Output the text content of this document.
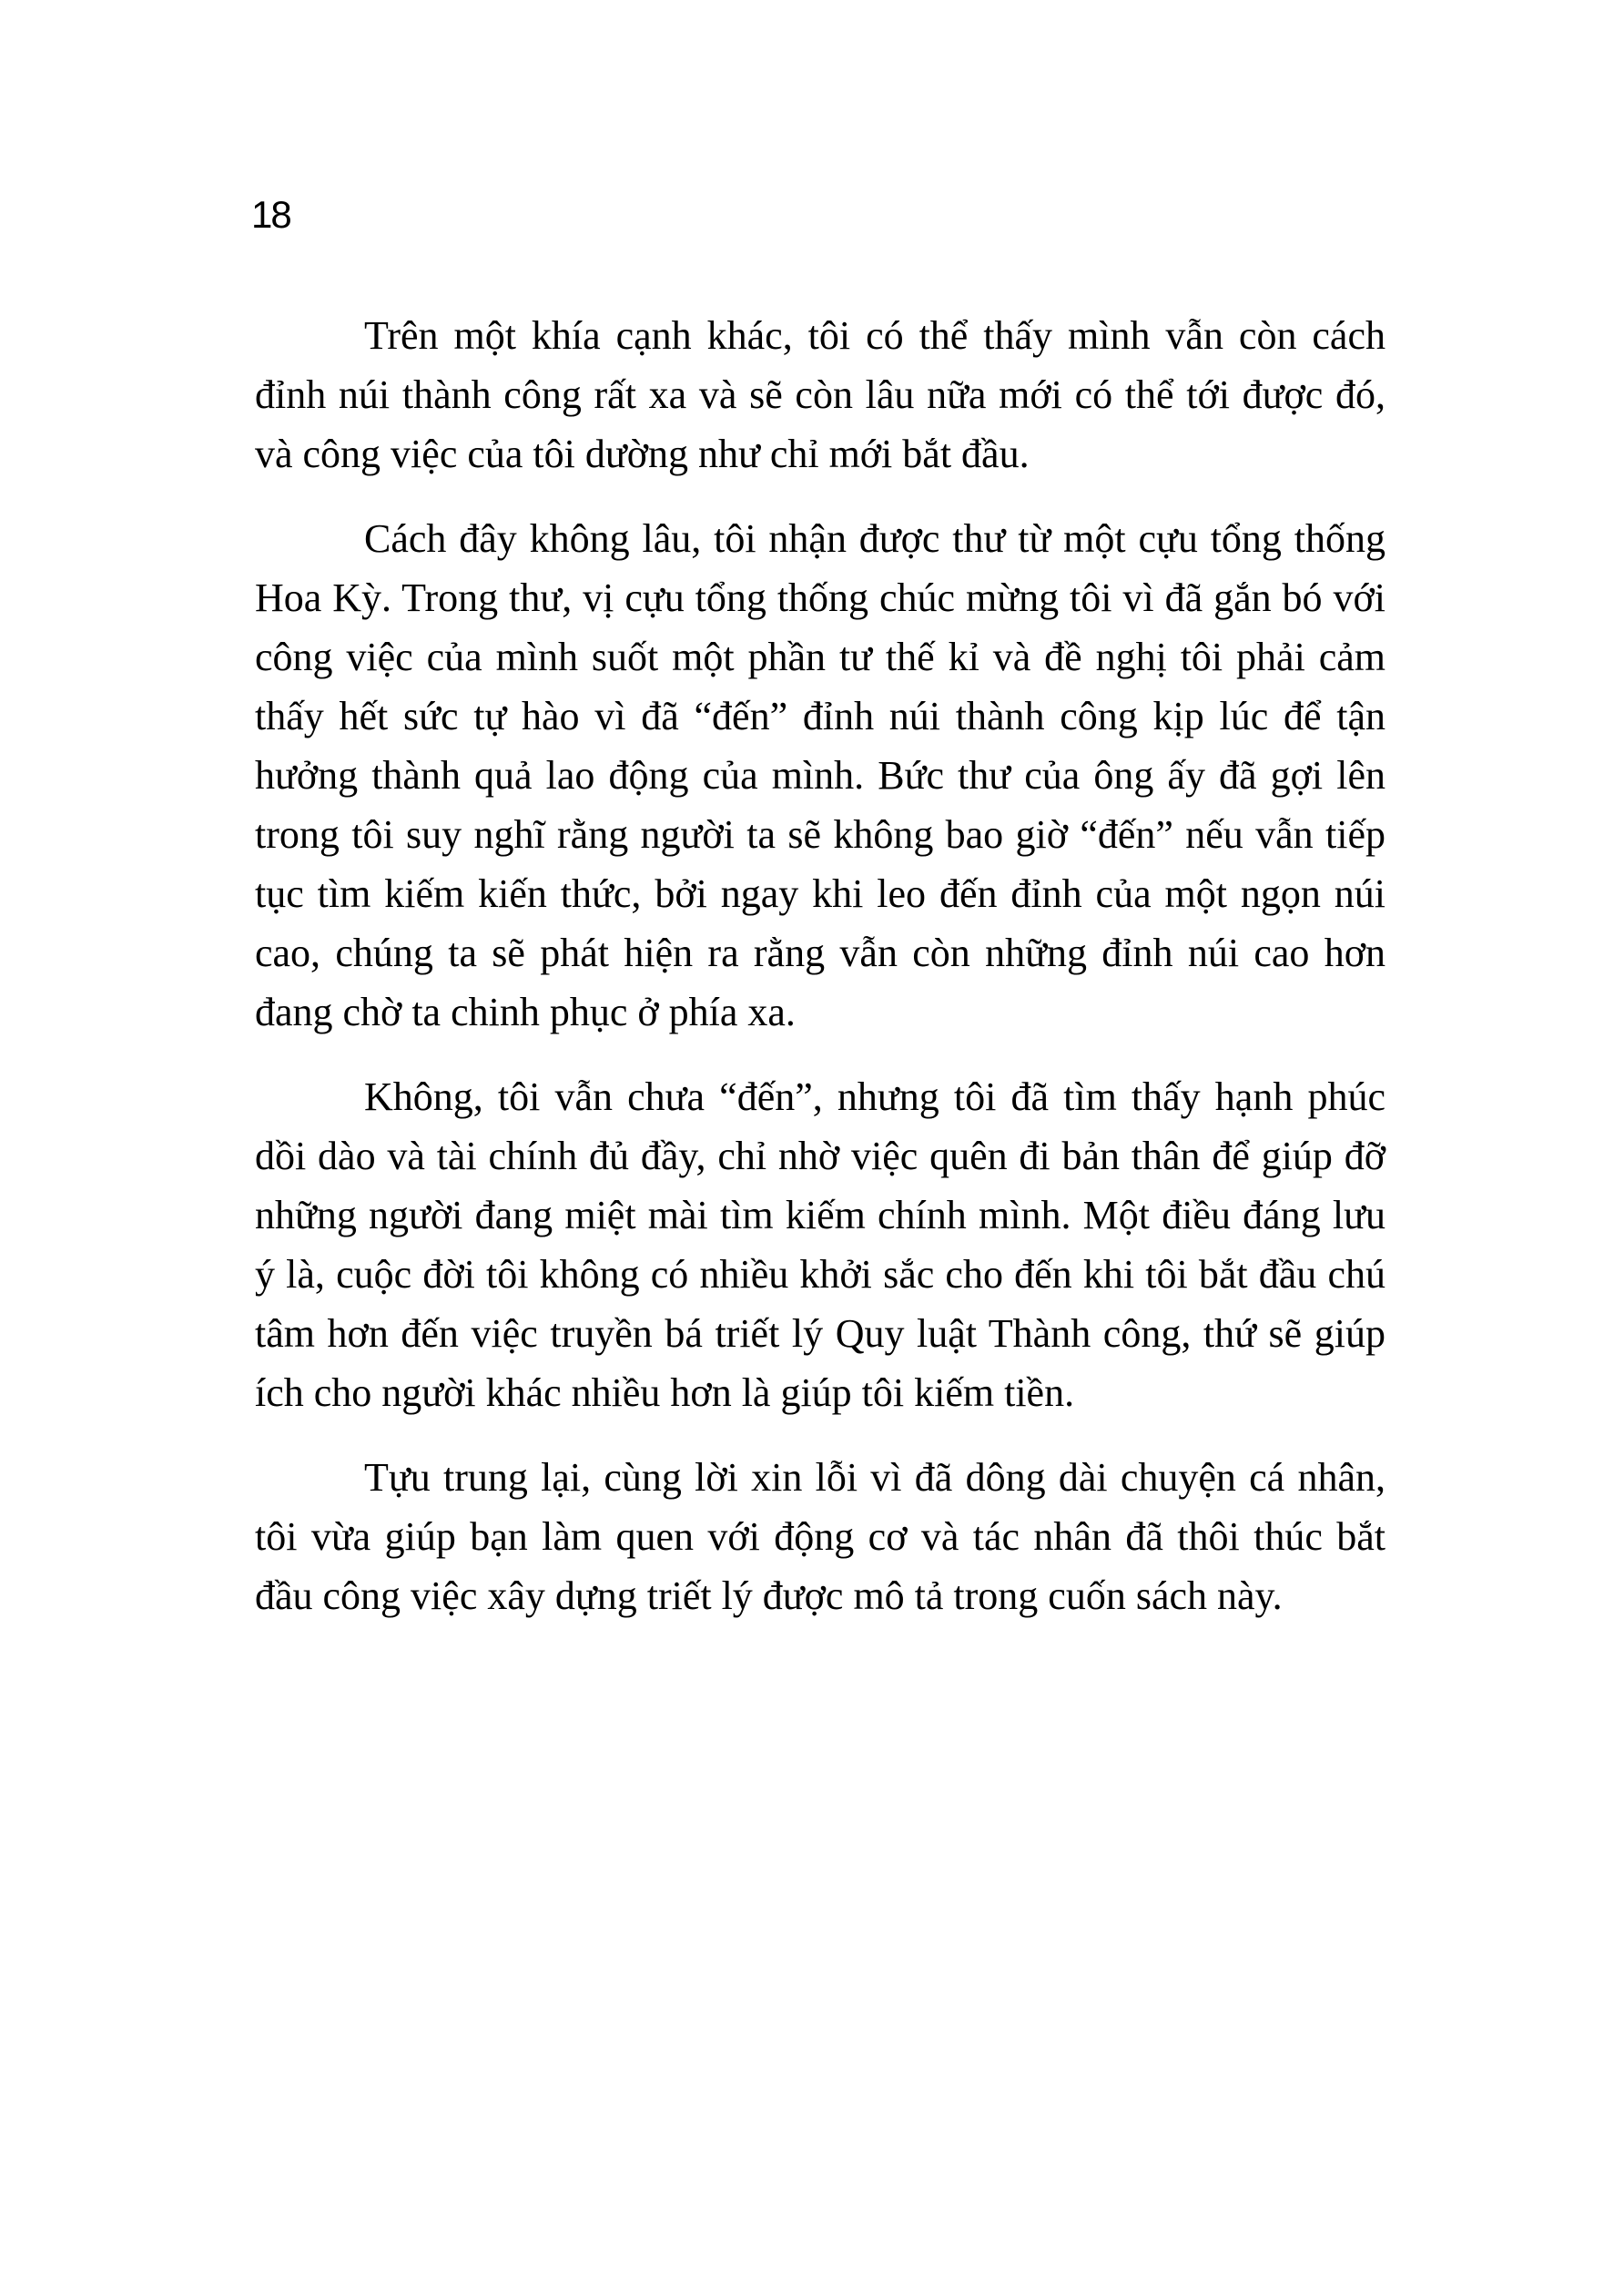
18

Trên một khía cạnh khác, tôi có thể thấy mình vẫn còn cách đỉnh núi thành công rất xa và sẽ còn lâu nữa mới có thể tới được đó, và công việc của tôi dường như chỉ mới bắt đầu.

Cách đây không lâu, tôi nhận được thư từ một cựu tổng thống Hoa Kỳ. Trong thư, vị cựu tổng thống chúc mừng tôi vì đã gắn bó với công việc của mình suốt một phần tư thế kỉ và đề nghị tôi phải cảm thấy hết sức tự hào vì đã “đến” đỉnh núi thành công kịp lúc để tận hưởng thành quả lao động của mình. Bức thư của ông ấy đã gợi lên trong tôi suy nghĩ rằng người ta sẽ không bao giờ “đến” nếu vẫn tiếp tục tìm kiếm kiến thức, bởi ngay khi leo đến đỉnh của một ngọn núi cao, chúng ta sẽ phát hiện ra rằng vẫn còn những đỉnh núi cao hơn đang chờ ta chinh phục ở phía xa.

Không, tôi vẫn chưa “đến”, nhưng tôi đã tìm thấy hạnh phúc dồi dào và tài chính đủ đầy, chỉ nhờ việc quên đi bản thân để giúp đỡ những người đang miệt mài tìm kiếm chính mình. Một điều đáng lưu ý là, cuộc đời tôi không có nhiều khởi sắc cho đến khi tôi bắt đầu chú tâm hơn đến việc truyền bá triết lý Quy luật Thành công, thứ sẽ giúp ích cho người khác nhiều hơn là giúp tôi kiếm tiền.

Tựu trung lại, cùng lời xin lỗi vì đã dông dài chuyện cá nhân, tôi vừa giúp bạn làm quen với động cơ và tác nhân đã thôi thúc bắt đầu công việc xây dựng triết lý được mô tả trong cuốn sách này.
